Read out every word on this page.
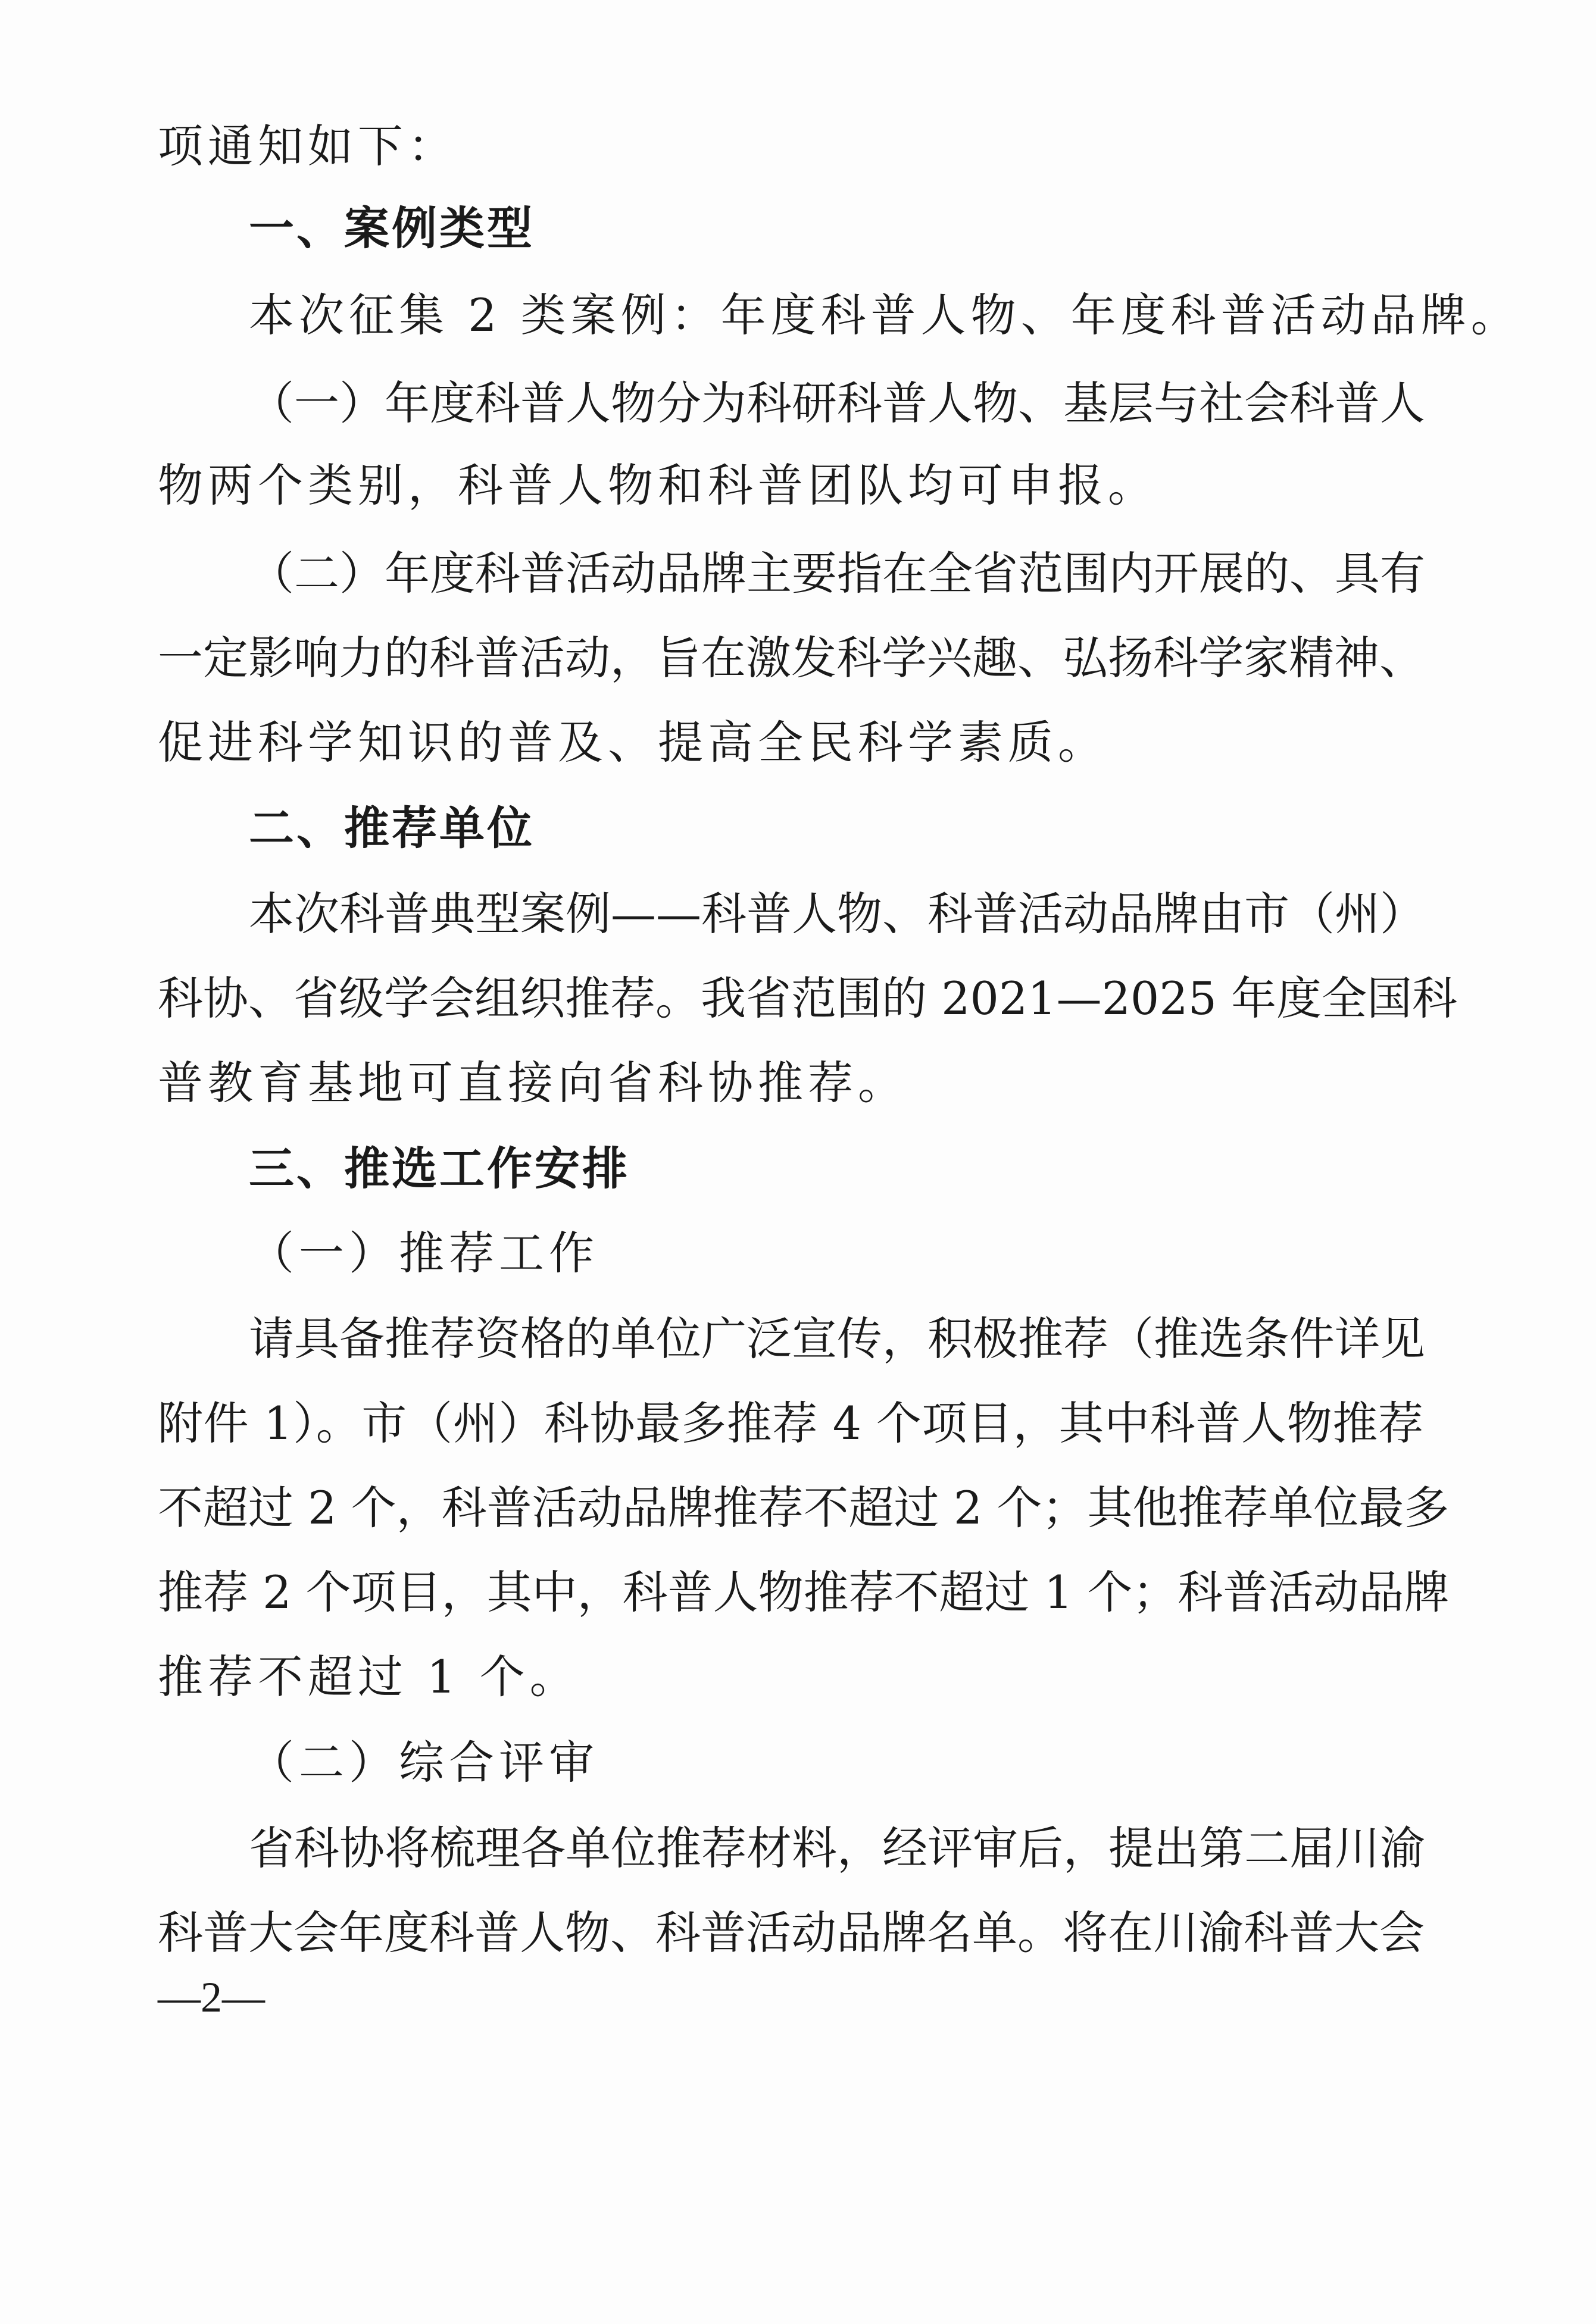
项通知如下：
一、案例类型
本次征集 2 类案例：年度科普人物、年度科普活动品牌。
（一）年度科普人物分为科研科普人物、基层与社会科普人
物两个类别，科普人物和科普团队均可申报。
（二）年度科普活动品牌主要指在全省范围内开展的、具有
一定影响力的科普活动，旨在激发科学兴趣、弘扬科学家精神、
促进科学知识的普及、提高全民科学素质。
二、推荐单位
本次科普典型案例——科普人物、科普活动品牌由市（州）
科协、省级学会组织推荐。我省范围的 2021—2025 年度全国科
普教育基地可直接向省科协推荐。
三、推选工作安排
（一）推荐工作
请具备推荐资格的单位广泛宣传，积极推荐（推选条件详见
附件 1）。市（州）科协最多推荐 4 个项目，其中科普人物推荐
不超过 2 个，科普活动品牌推荐不超过 2 个；其他推荐单位最多
推荐 2 个项目，其中，科普人物推荐不超过 1 个；科普活动品牌
推荐不超过 1 个。
（二）综合评审
省科协将梳理各单位推荐材料，经评审后，提出第二届川渝
科普大会年度科普人物、科普活动品牌名单。将在川渝科普大会
—2—
